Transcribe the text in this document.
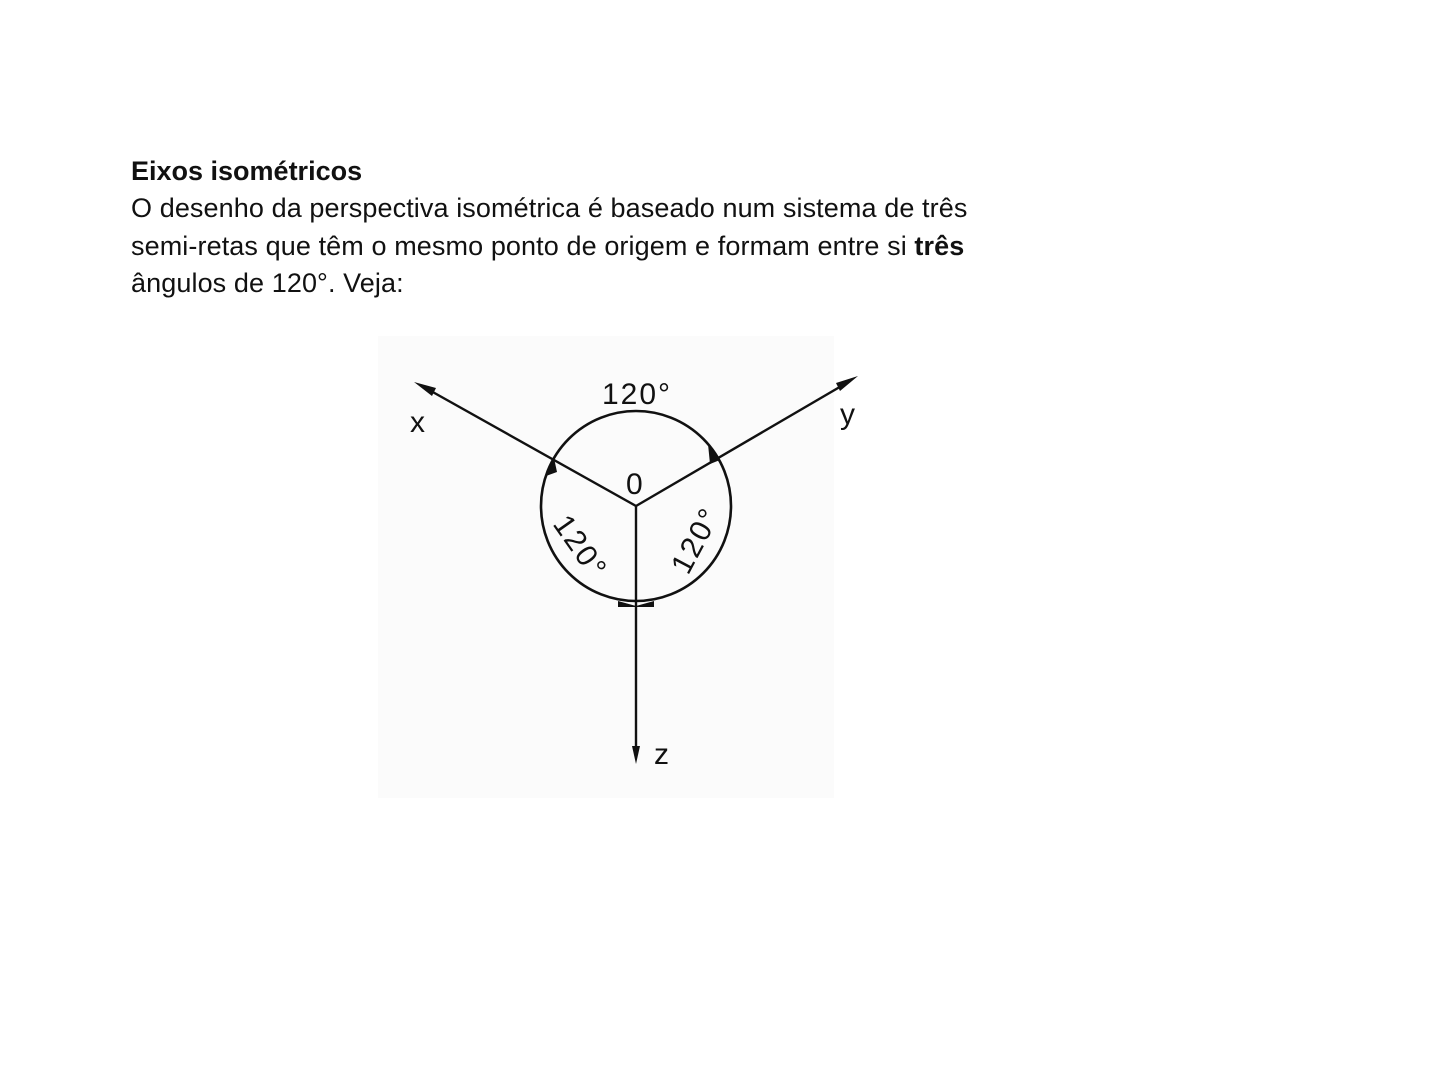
Eixos isométricos

O desenho da perspectiva isométrica é baseado num sistema de três
semi-retas que têm o mesmo ponto de origem e formam entre si três
ângulos de 120°. Veja:

x	y
z
0
120°
120° 120°
